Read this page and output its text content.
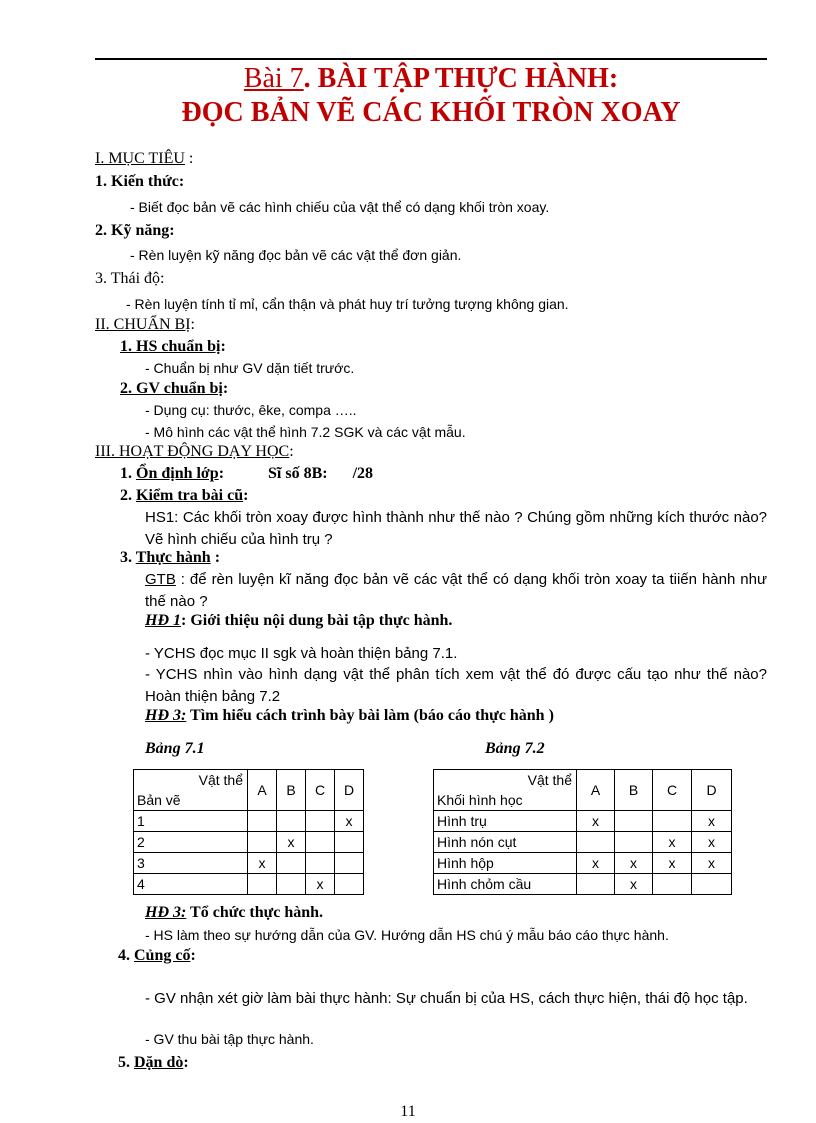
Bài 7. BÀI TẬP THỰC HÀNH:
ĐỌC BẢN VẼ CÁC KHỐI TRÒN XOAY
I. MỤC TIÊU :
1. Kiến thức:
- Biết đọc bản vẽ các hình chiếu của vật thể có dạng khối tròn xoay.
2. Kỹ năng:
- Rèn luyện kỹ năng đọc bản vẽ các vật thể đơn giản.
3. Thái độ:
- Rèn luyện tính tỉ mỉ, cẩn thận và phát huy trí tưởng tượng không gian.
II. CHUẨN BỊ:
1. HS chuẩn bị:
- Chuẩn bị như GV dặn tiết trước.
2. GV chuẩn bị:
- Dụng cụ: thước, êke, compa …..
- Mô hình các vật thể hình 7.2 SGK và các vật mẫu.
III. HOẠT ĐỘNG DẠY HỌC:
1. Ổn định lớp:	Sĩ số 8B: /28
2. Kiểm tra bài cũ:
HS1: Các khối tròn xoay được hình thành như thế nào ? Chúng gồm những kích thước nào? Vẽ hình chiếu của hình trụ ?
3. Thực hành :
GTB : để rèn luyện kĩ năng đọc bản vẽ các vật thể có dạng khối tròn xoay ta tiiến hành như thế nào ?
HĐ 1: Giới thiệu nội dung bài tập thực hành.
- YCHS đọc mục II sgk và hoàn thiện bảng 7.1.
- YCHS nhìn vào hình dạng vật thể phân tích xem vật thể đó được cấu tạo như thế nào? Hoàn thiện bảng 7.2
HĐ 3: Tìm hiểu cách trình bày bài làm (báo cáo thực hành )
Bảng 7.1	Bảng 7.2
Vật thể
Bản vẽ	A	B	C	D
1				x
2		x		
3	x			
4			x	
Vật thể
Khối hình học	A	B	C	D
Hình trụ	x			x
Hình nón cụt			x	x
Hình hộp	x	x	x	x
Hình chỏm cầu		x		
HĐ 3: Tổ chức thực hành.
- HS làm theo sự hướng dẫn của GV. Hướng dẫn HS chú ý mẫu báo cáo thực hành.
4. Củng cố:
- GV nhận xét giờ làm bài thực hành: Sự chuẩn bị của HS, cách thực hiện, thái độ học tập.
- GV thu bài tập thực hành.
5. Dặn dò:
11
